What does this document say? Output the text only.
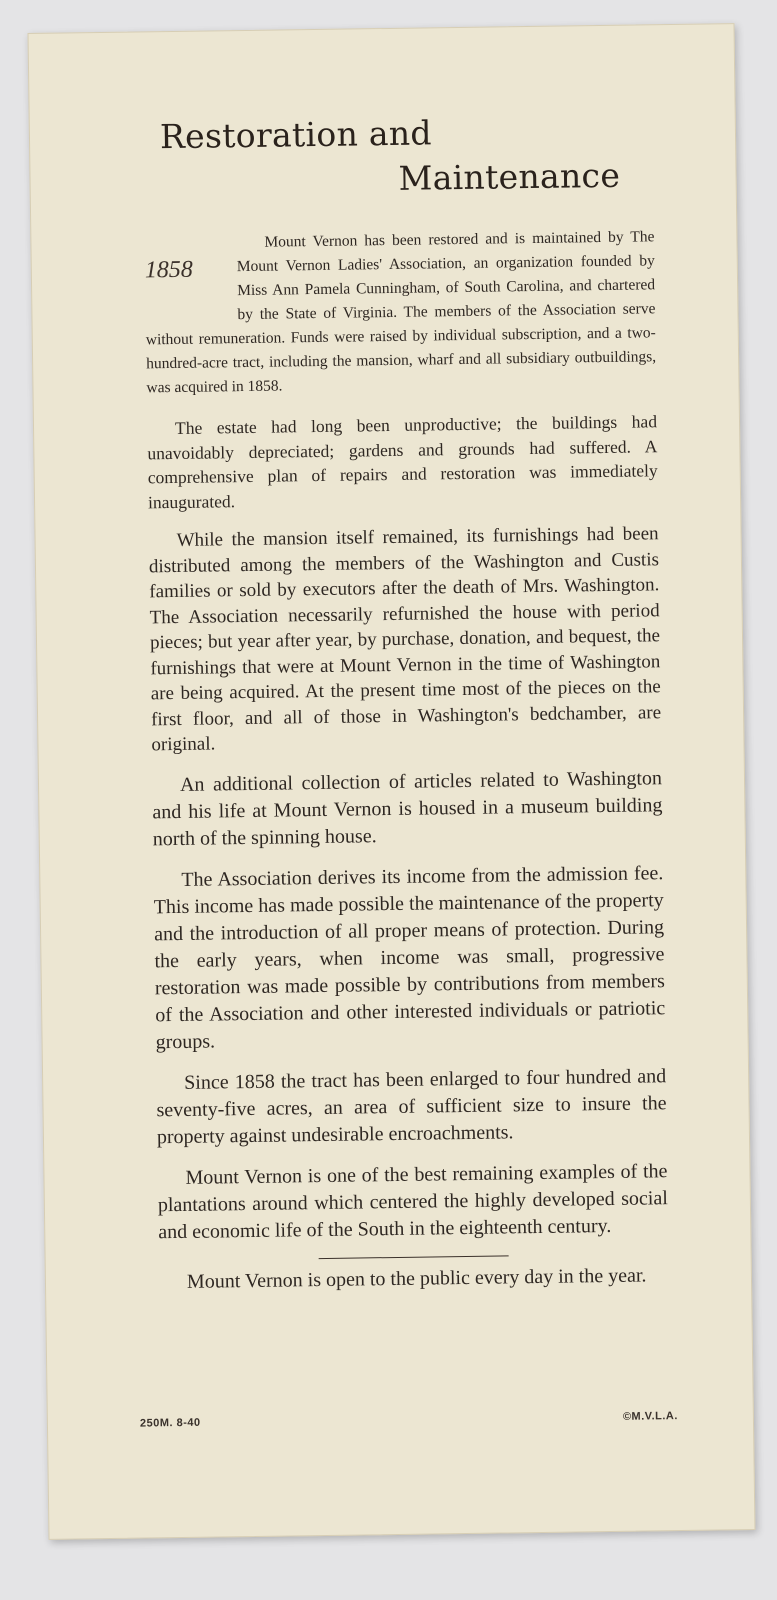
Restoration and
Maintenance

1858
Mount Vernon has been restored and is maintained by The Mount Vernon Ladies' Association, an organization founded by Miss Ann Pamela Cunningham, of South Carolina, and chartered by the State of Virginia. The members of the Association serve without remuneration. Funds were raised by individual subscription, and a two-hundred-acre tract, including the mansion, wharf and all subsidiary outbuildings, was acquired in 1858.

The estate had long been unproductive; the buildings had unavoidably depreciated; gardens and grounds had suffered. A comprehensive plan of repairs and restoration was immediately inaugurated.

While the mansion itself remained, its furnishings had been distributed among the members of the Washington and Custis families or sold by executors after the death of Mrs. Washington. The Association necessarily refurnished the house with period pieces; but year after year, by purchase, donation, and bequest, the furnishings that were at Mount Vernon in the time of Washington are being acquired. At the present time most of the pieces on the first floor, and all of those in Washington's bedchamber, are original.

An additional collection of articles related to Washington and his life at Mount Vernon is housed in a museum building north of the spinning house.

The Association derives its income from the admission fee. This income has made possible the maintenance of the property and the introduction of all proper means of protection. During the early years, when income was small, progressive restoration was made possible by contributions from members of the Association and other interested individuals or patriotic groups.

Since 1858 the tract has been enlarged to four hundred and seventy-five acres, an area of sufficient size to insure the property against undesirable encroachments.

Mount Vernon is one of the best remaining examples of the plantations around which centered the highly developed social and economic life of the South in the eighteenth century.

Mount Vernon is open to the public every day in the year.

250M. 8-40
©M.V.L.A.
